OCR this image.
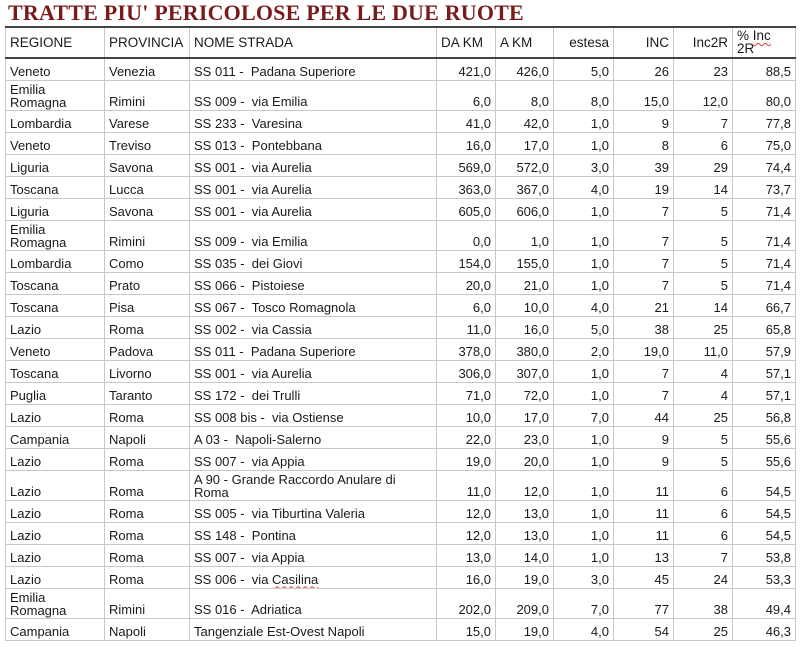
TRATTE PIU' PERICOLOSE PER LE DUE RUOTE
REGIONE	PROVINCIA	NOME STRADA	DA KM	A KM	estesa	INC	Inc2R	% Inc
2R
Veneto	Venezia	SS 011 -  Padana Superiore	421,0	426,0	5,0	26	23	88,5
Emilia Romagna	Rimini	SS 009 -  via Emilia	6,0	8,0	8,0	15,0	12,0	80,0
Lombardia	Varese	SS 233 -  Varesina	41,0	42,0	1,0	9	7	77,8
Veneto	Treviso	SS 013 -  Pontebbana	16,0	17,0	1,0	8	6	75,0
Liguria	Savona	SS 001 -  via Aurelia	569,0	572,0	3,0	39	29	74,4
Toscana	Lucca	SS 001 -  via Aurelia	363,0	367,0	4,0	19	14	73,7
Liguria	Savona	SS 001 -  via Aurelia	605,0	606,0	1,0	7	5	71,4
Emilia Romagna	Rimini	SS 009 -  via Emilia	0,0	1,0	1,0	7	5	71,4
Lombardia	Como	SS 035 -  dei Giovi	154,0	155,0	1,0	7	5	71,4
Toscana	Prato	SS 066 -  Pistoiese	20,0	21,0	1,0	7	5	71,4
Toscana	Pisa	SS 067 -  Tosco Romagnola	6,0	10,0	4,0	21	14	66,7
Lazio	Roma	SS 002 -  via Cassia	11,0	16,0	5,0	38	25	65,8
Veneto	Padova	SS 011 -  Padana Superiore	378,0	380,0	2,0	19,0	11,0	57,9
Toscana	Livorno	SS 001 -  via Aurelia	306,0	307,0	1,0	7	4	57,1
Puglia	Taranto	SS 172 -  dei Trulli	71,0	72,0	1,0	7	4	57,1
Lazio	Roma	SS 008 bis -  via Ostiense	10,0	17,0	7,0	44	25	56,8
Campania	Napoli	A 03 -  Napoli-Salerno	22,0	23,0	1,0	9	5	55,6
Lazio	Roma	SS 007 -  via Appia	19,0	20,0	1,0	9	5	55,6
Lazio	Roma	A 90 - Grande Raccordo Anulare di Roma	11,0	12,0	1,0	11	6	54,5
Lazio	Roma	SS 005 -  via Tiburtina Valeria	12,0	13,0	1,0	11	6	54,5
Lazio	Roma	SS 148 -  Pontina	12,0	13,0	1,0	11	6	54,5
Lazio	Roma	SS 007 -  via Appia	13,0	14,0	1,0	13	7	53,8
Lazio	Roma	SS 006 -  via Casilina	16,0	19,0	3,0	45	24	53,3
Emilia Romagna	Rimini	SS 016 -  Adriatica	202,0	209,0	7,0	77	38	49,4
Campania	Napoli	Tangenziale Est-Ovest Napoli	15,0	19,0	4,0	54	25	46,3
